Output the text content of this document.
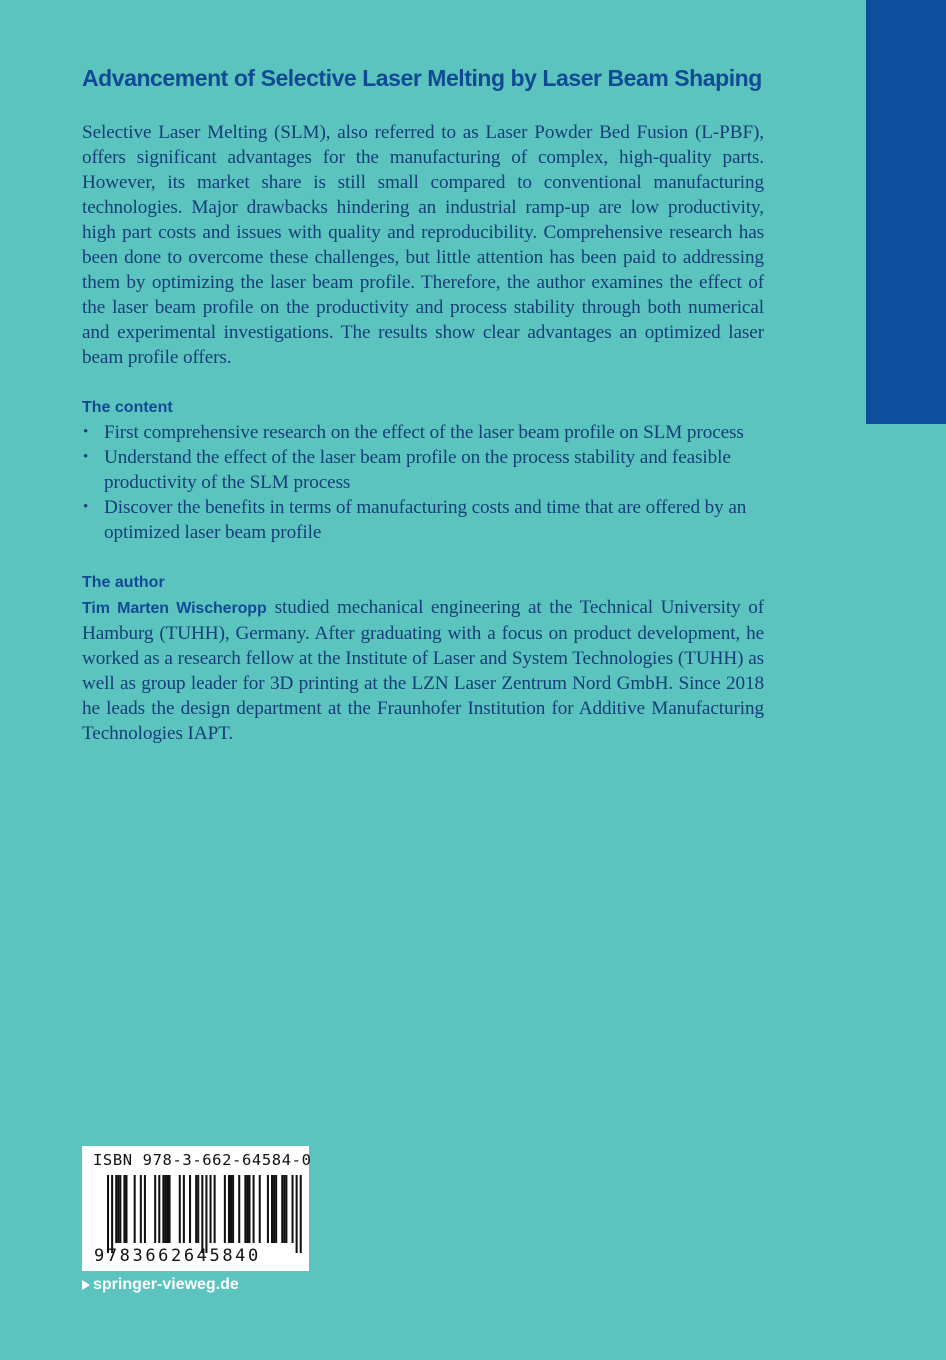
Advancement of Selective Laser Melting by Laser Beam Shaping

Selective Laser Melting (SLM), also referred to as Laser Powder Bed Fusion (L-PBF), offers significant advantages for the manufacturing of complex, high-quality parts. However, its market share is still small compared to conventional manufacturing technologies. Major drawbacks hindering an industrial ramp-up are low productivity, high part costs and issues with quality and reproducibility. Comprehensive research has been done to overcome these challenges, but little attention has been paid to addressing them by optimizing the laser beam profile. Therefore, the author examines the effect of the laser beam profile on the productivity and process stability through both numerical and experimental investigations. The results show clear advantages an optimized laser beam profile offers.

The content
• First comprehensive research on the effect of the laser beam profile on SLM process
• Understand the effect of the laser beam profile on the process stability and feasible productivity of the SLM process
• Discover the benefits in terms of manufacturing costs and time that are offered by an optimized laser beam profile
The author

Tim Marten Wischeropp studied mechanical engineering at the Technical University of Hamburg (TUHH), Germany. After graduating with a focus on product development, he worked as a research fellow at the Institute of Laser and System Technologies (TUHH) as well as group leader for 3D printing at the LZN Laser Zentrum Nord GmbH. Since 2018 he leads the design department at the Fraunhofer Institution for Additive Manufacturing Technologies IAPT.

ISBN 978-3-662-64584-0
9783662645840
springer-vieweg.de
